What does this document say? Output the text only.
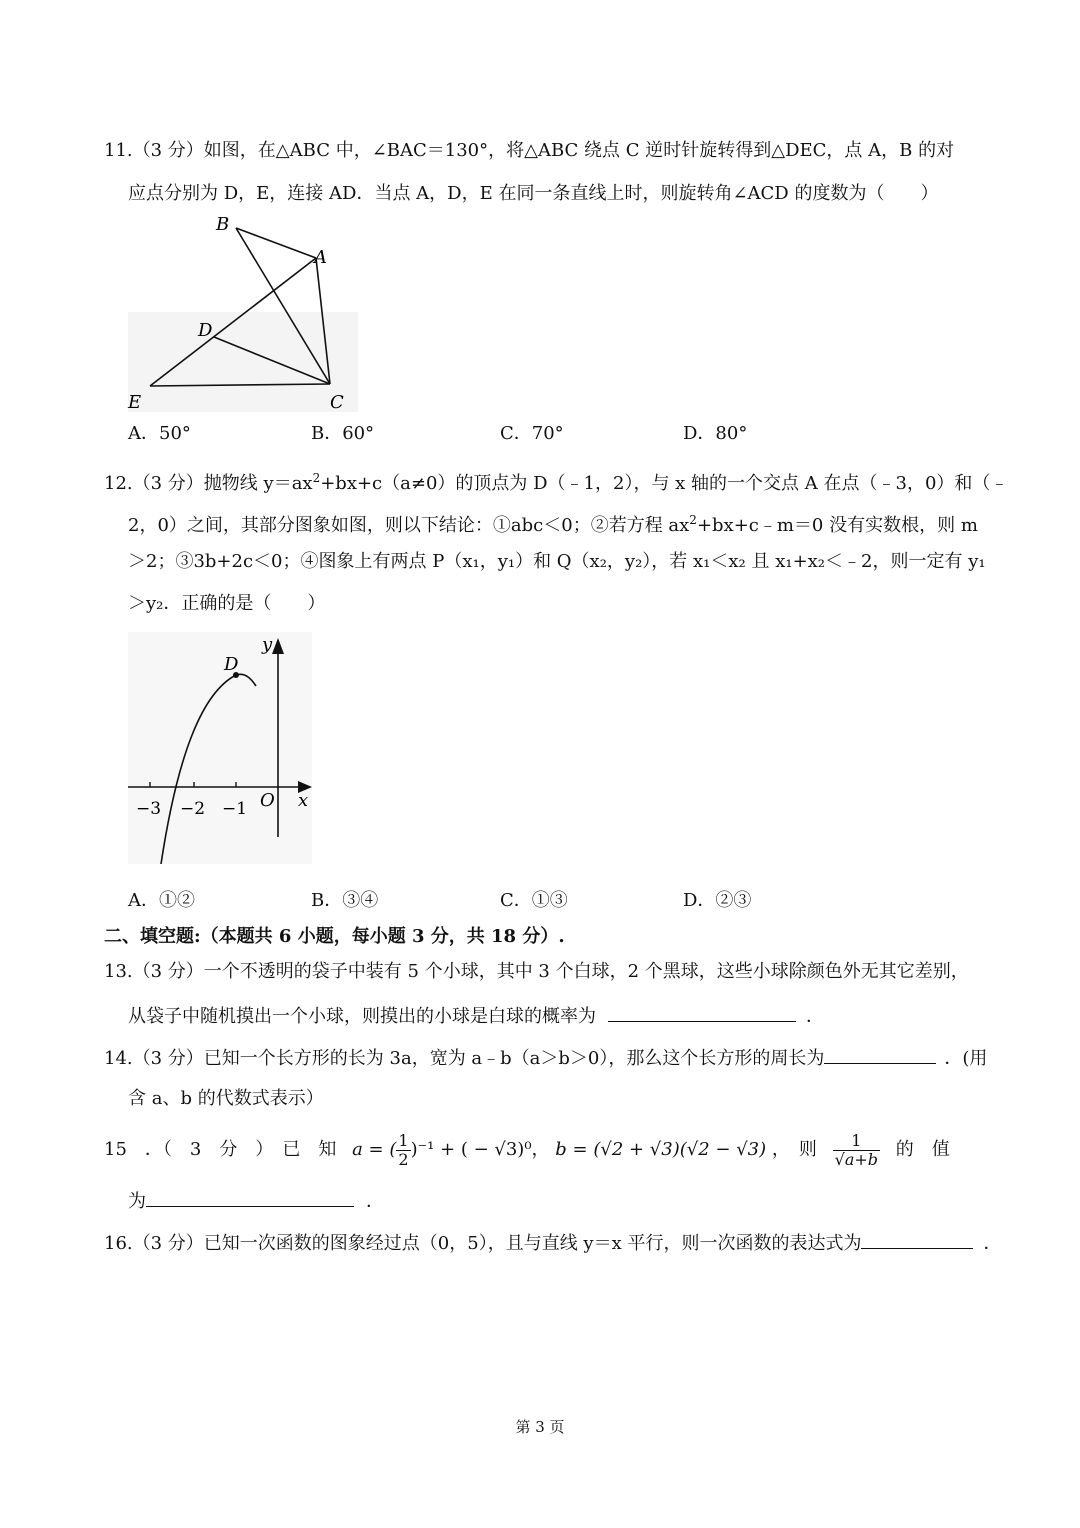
11.（3 分）如图，在△ABC 中，∠BAC＝130°，将△ABC 绕点 C 逆时针旋转得到△DEC，点 A，B 的对
应点分别为 D，E，连接 AD．当点 A，D，E 在同一条直线上时，则旋转角∠ACD 的度数为（　　）
B
A
D
E	C
A．50°	B．60°	C．70°	D．80°
12.（3 分）抛物线 $y=ax^2+bx+c(a\ne 0)$的顶点为 D（﹣1，2），与 x 轴的一个交点 A 在点（﹣3，0）和（﹣
2，0）之间，其部分图象如图，则以下结论：①abc＜0；②若方程 $ax^2+bx+c﹣m=0$ 没有实数根，则 m
＞2；③3b+2c＜0；④图象上有两点 P（x₁，y₁）和 Q（x₂，y₂），若 x₁＜x₂ 且 x₁+x₂＜﹣2，则一定有 y₁
＞y₂．正确的是（　　）
y
D
O x
−3 −2 −1
A．①②	B．③④	C．①③	D．②③
二、填空题:（本题共 6 小题，每小题 3 分，共 18 分）.
13.（3 分）一个不透明的袋子中装有 5 个小球，其中 3 个白球，2 个黑球，这些小球除颜色外无其它差别，
从袋子中随机摸出一个小球，则摸出的小球是白球的概率为	．
14.（3 分）已知一个长方形的长为 3a，宽为 a﹣b（a＞b＞0），那么这个长方形的周长为	．(用
含 a、b 的代数式表示）
15　．（　3　分　）　已　知 a = ( $\frac{1}{2} )^{-1}$ + ( − √3)⁰， b = (√2 + √3)(√2 − √3) ，　则 $\frac{1}{√a+b}$ 的　值
为	．
16.（3 分）已知一次函数的图象经过点（0，5），且与直线 y＝x 平行，则一次函数的表达式为	．
第 3 页
